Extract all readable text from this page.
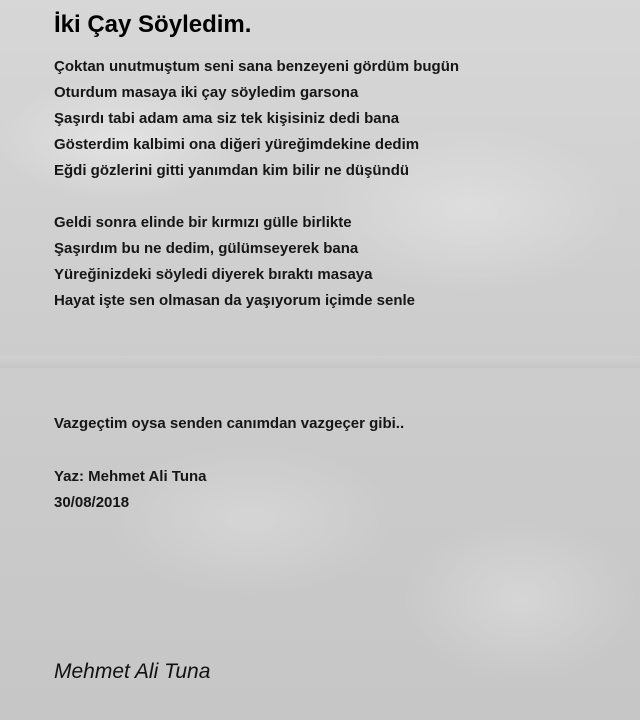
İki Çay Söyledim.
Çoktan unutmuştum seni sana benzeyeni gördüm bugün
Oturdum masaya iki çay söyledim garsona
Şaşırdı tabi adam ama siz tek kişisiniz dedi bana
Gösterdim kalbimi ona diğeri yüreğimdekine dedim
Eğdi gözlerini gitti yanımdan kim bilir ne düşündü
Geldi sonra elinde bir kırmızı gülle birlikte
Şaşırdım bu ne dedim, gülümseyerek bana
Yüreğinizdeki söyledi diyerek bıraktı masaya
Hayat işte sen olmasan da yaşıyorum içimde senle
Vazgeçtim oysa senden canımdan vazgeçer gibi..
Yaz: Mehmet Ali Tuna
30/08/2018

Mehmet Ali Tuna
